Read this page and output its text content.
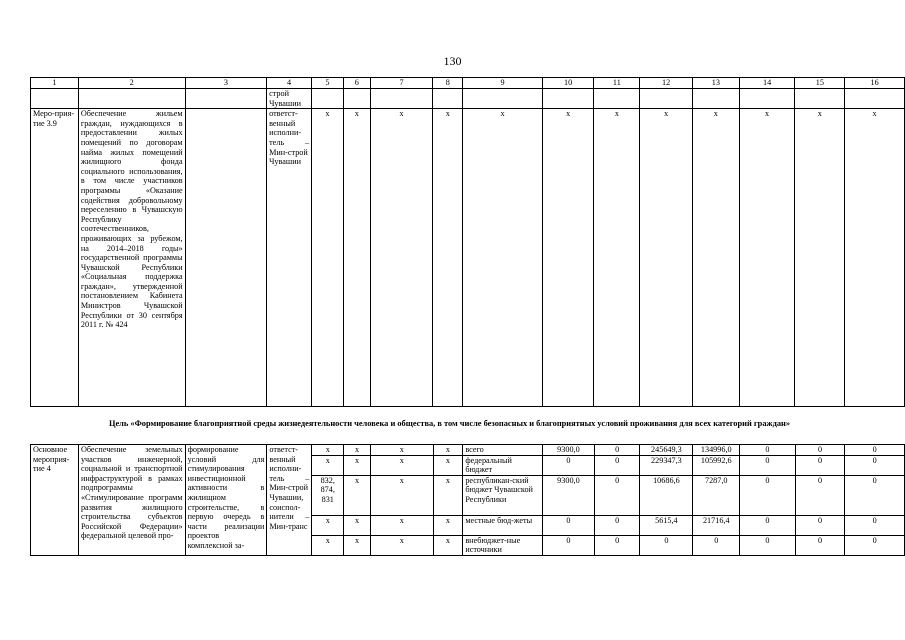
130
1	2	3	4	5	6	7	8	9	10	11	12	13	14	15	16
			строй Чувашии												
Меро-прия-тие 3.9	Обеспечение жильем граждан, нуждающихся в предоставлении жилых помещений по договорам найма жилых помещений жилищного фонда социального использования, в том числе участников программы «Оказание содействия добровольному переселению в Чувашскую Республику соотечественников, проживающих за рубежом, на 2014–2018 годы» государственной программы Чувашской Республики «Социальная поддержка граждан», утвержденной постановлением Кабинета Министров Чувашской Республики от 30 сентября 2011 г. № 424		ответст-венный исполни-тель – Мин-строй Чувашии	x	x	x	x	x	x	x	x	x	x	x	x
Цель «Формирование благоприятной среды жизнедеятельности человека и общества, в том числе безопасных и благоприятных условий проживания для всех категорий граждан»
Основное мероприя-тие 4	Обеспечение земельных участков инженерной, социальной и транспортной инфраструктурой в рамках подпрограммы «Стимулирование программ развития жилищного строительства субъектов Российской Федерации» федеральной целевой про-	формирование условий для стимулирования инвестиционной активности в жилищном строительстве, в первую очередь в части реализации проектов комплексной за-	ответст-венный исполни-тель – Мин-строй Чувашии, соиспол-нители – Мин-транс	x	x	x	x	всего	9300,0	0	245649,3	134996,0	0	0	0
				x	x	x	x	федеральный бюджет	0	0	229347,3	105992,6	0	0	0
				832, 874, 831	x	x	x	республикан-ский бюджет Чувашской Республики	9300,0	0	10686,6	7287,0	0	0	0
				x	x	x	x	местные бюд-жеты	0	0	5615,4	21716,4	0	0	0
				x	x	x	x	внебюджет-ные источники	0	0	0	0	0	0	0
